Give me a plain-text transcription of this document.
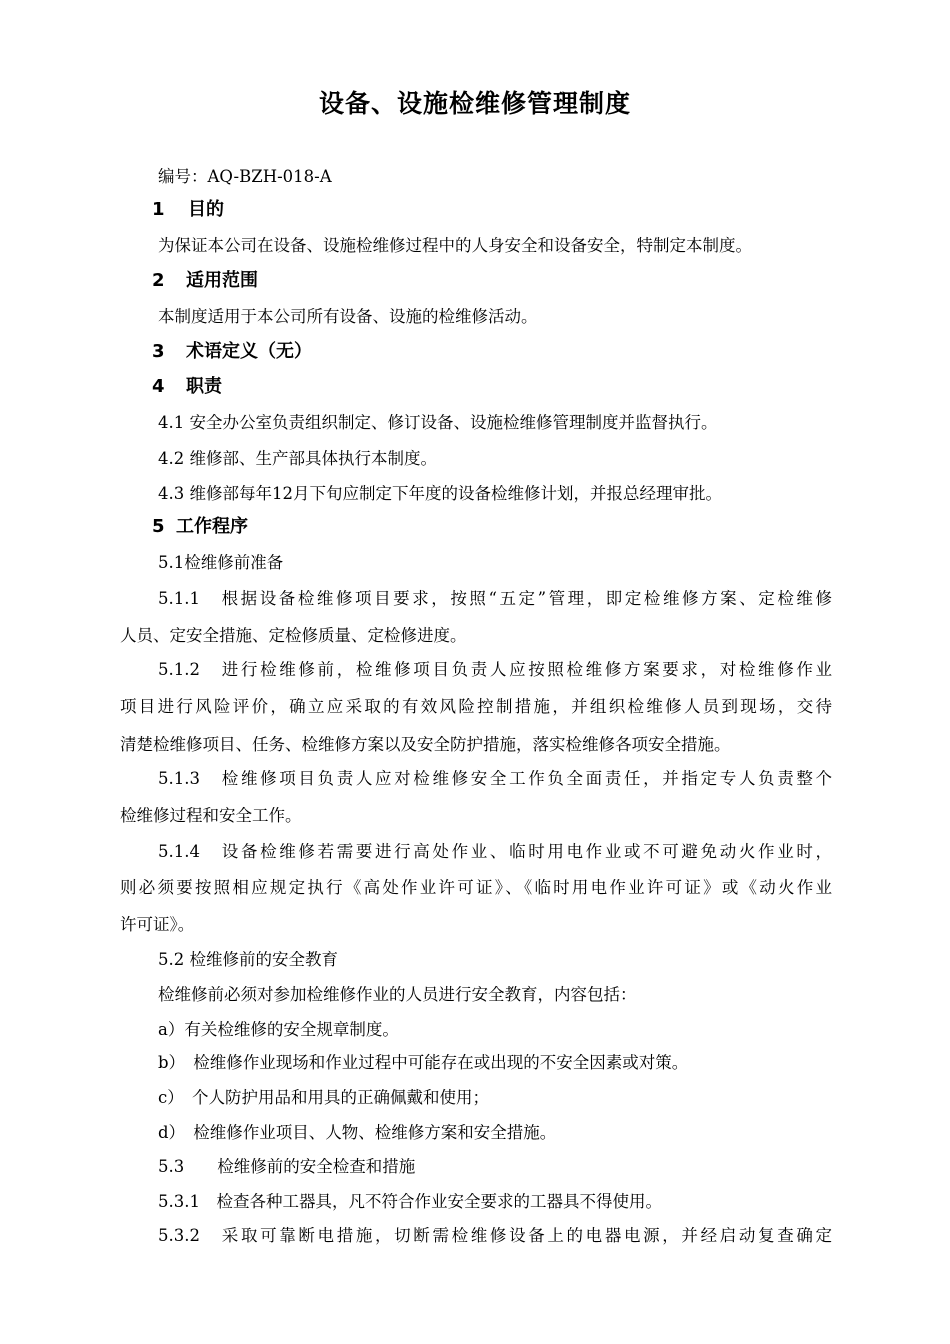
设备、设施检维修管理制度
编号：AQ-BZH-018-A
1 目的
为保证本公司在设备、设施检维修过程中的人身安全和设备安全，特制定本制度。
2 适用范围
本制度适用于本公司所有设备、设施的检维修活动。
3 术语定义（无）
4 职责
4.1 安全办公室负责组织制定、修订设备、设施检维修管理制度并监督执行。
4.2 维修部、生产部具体执行本制度。
4.3 维修部每年12月下旬应制定下年度的设备检维修计划，并报总经理审批。
5 工作程序
5.1检维修前准备
5.1.1　根据设备检维修项目要求，按照“五定”管理，即定检维修方案、定检维修
人员、定安全措施、定检修质量、定检修进度。
5.1.2　进行检维修前，检维修项目负责人应按照检维修方案要求，对检维修作业
项目进行风险评价，确立应采取的有效风险控制措施，并组织检维修人员到现场，交待
清楚检维修项目、任务、检维修方案以及安全防护措施，落实检维修各项安全措施。
5.1.3　检维修项目负责人应对检维修安全工作负全面责任，并指定专人负责整个
检维修过程和安全工作。
5.1.4　设备检维修若需要进行高处作业、临时用电作业或不可避免动火作业时，
则必须要按照相应规定执行《高处作业许可证》、《临时用电作业许可证》或《动火作业
许可证》。
5.2 检维修前的安全教育
检维修前必须对参加检维修作业的人员进行安全教育，内容包括：
a）有关检维修的安全规章制度。
b）　检维修作业现场和作业过程中可能存在或出现的不安全因素或对策。
c）　个人防护用品和用具的正确佩戴和使用；
d）　检维修作业项目、人物、检维修方案和安全措施。
5.3　　检维修前的安全检查和措施
5.3.1　检查各种工器具，凡不符合作业安全要求的工器具不得使用。
5.3.2　采取可靠断电措施，切断需检维修设备上的电器电源，并经启动复查确定
